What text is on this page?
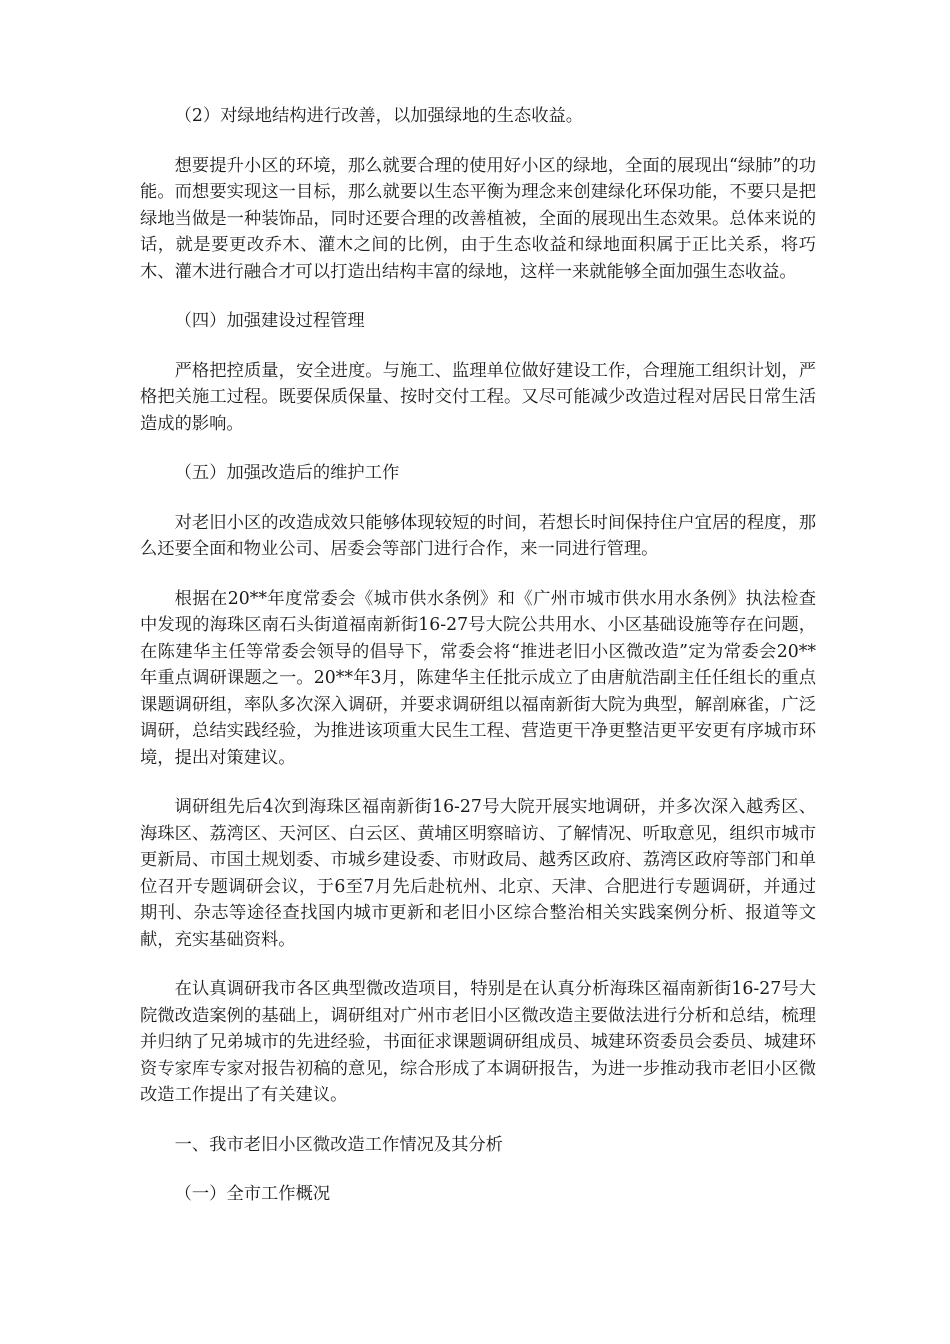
（2）对绿地结构进行改善，以加强绿地的生态收益。

想要提升小区的环境，那么就要合理的使用好小区的绿地，全面的展现出“绿肺”的功能。而想要实现这一目标，那么就要以生态平衡为理念来创建绿化环保功能，不要只是把绿地当做是一种装饰品，同时还要合理的改善植被，全面的展现出生态效果。总体来说的话，就是要更改乔木、灌木之间的比例，由于生态收益和绿地面积属于正比关系，将巧木、灌木进行融合才可以打造出结构丰富的绿地，这样一来就能够全面加强生态收益。

（四）加强建设过程管理

严格把控质量，安全进度。与施工、监理单位做好建设工作，合理施工组织计划，严格把关施工过程。既要保质保量、按时交付工程。又尽可能减少改造过程对居民日常生活造成的影响。

（五）加强改造后的维护工作

对老旧小区的改造成效只能够体现较短的时间，若想长时间保持住户宜居的程度，那么还要全面和物业公司、居委会等部门进行合作，来一同进行管理。

根据在20**年度常委会《城市供水条例》和《广州市城市供水用水条例》执法检查中发现的海珠区南石头街道福南新街16-27号大院公共用水、小区基础设施等存在问题，在陈建华主任等常委会领导的倡导下，常委会将“推进老旧小区微改造”定为常委会20**年重点调研课题之一。20**年3月，陈建华主任批示成立了由唐航浩副主任任组长的重点课题调研组，率队多次深入调研，并要求调研组以福南新街大院为典型，解剖麻雀，广泛调研，总结实践经验，为推进该项重大民生工程、营造更干净更整洁更平安更有序城市环境，提出对策建议。

调研组先后4次到海珠区福南新街16-27号大院开展实地调研，并多次深入越秀区、海珠区、荔湾区、天河区、白云区、黄埔区明察暗访、了解情况、听取意见，组织市城市更新局、市国土规划委、市城乡建设委、市财政局、越秀区政府、荔湾区政府等部门和单位召开专题调研会议，于6至7月先后赴杭州、北京、天津、合肥进行专题调研，并通过期刊、杂志等途径查找国内城市更新和老旧小区综合整治相关实践案例分析、报道等文献，充实基础资料。

在认真调研我市各区典型微改造项目，特别是在认真分析海珠区福南新街16-27号大院微改造案例的基础上，调研组对广州市老旧小区微改造主要做法进行分析和总结，梳理并归纳了兄弟城市的先进经验，书面征求课题调研组成员、城建环资委员会委员、城建环资专家库专家对报告初稿的意见，综合形成了本调研报告，为进一步推动我市老旧小区微改造工作提出了有关建议。

一、我市老旧小区微改造工作情况及其分析

（一）全市工作概况
